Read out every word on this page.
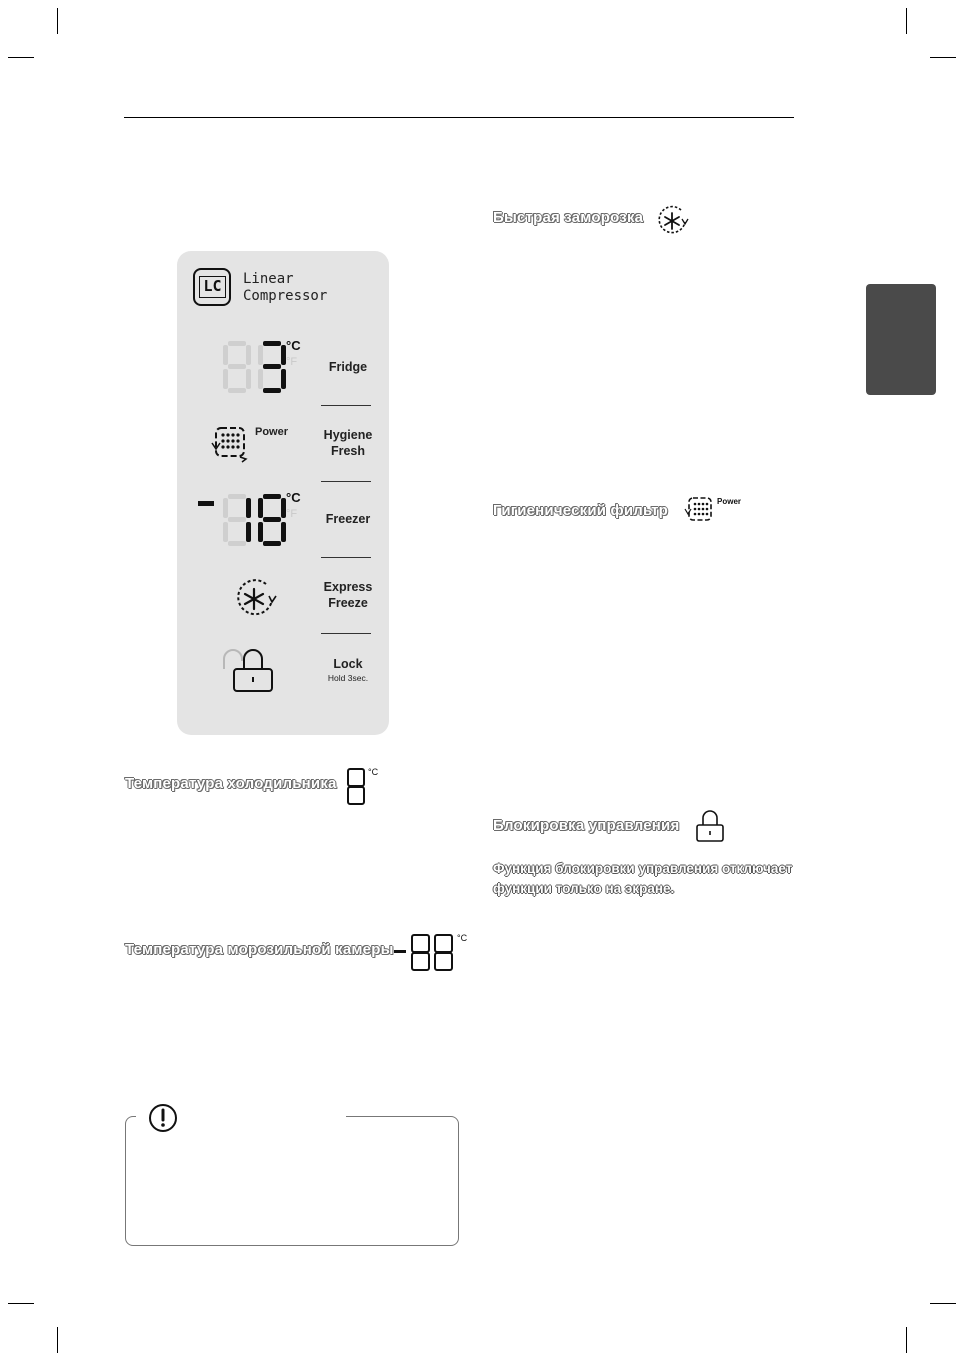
LC	Linear
Compressor
°C
°F	Fridge
Power	Hygiene
Fresh
°C
°F	Freezer
Express
Freeze
Lock
Hold 3sec.
Температура холодильника
°C
Температура морозильной камеры
°C
Быстрая заморозка
Гигиенический фильтр
Power
Блокировка управления
Функция блокировки управления отключает
функции только на экране.
